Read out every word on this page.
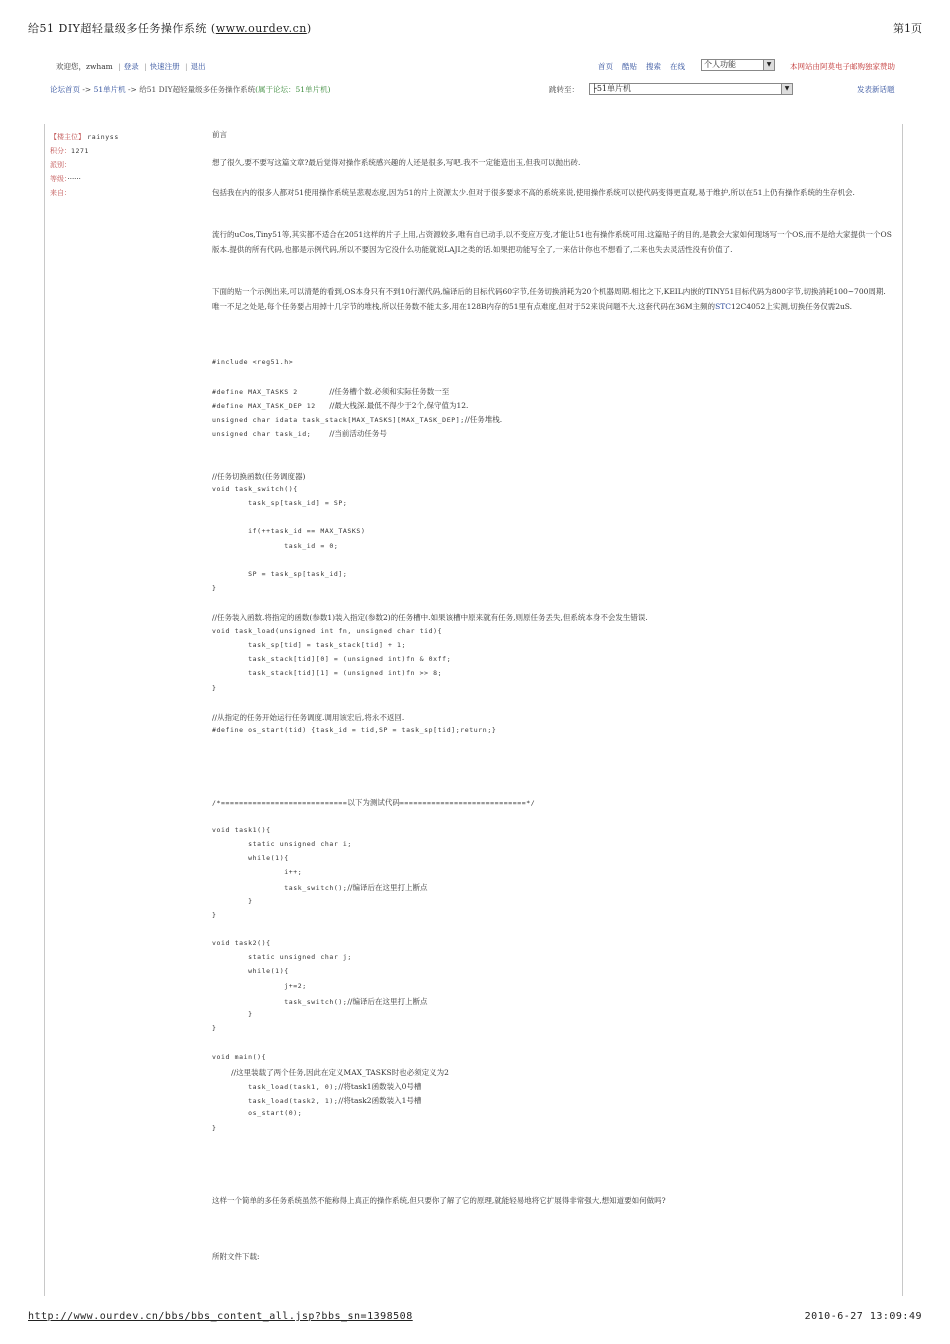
给51 DIY超轻量级多任务操作系统 (www.ourdev.cn)	第1页
欢迎您，zwham | 登录 | 快速注册 | 退出	首页 酷贴 搜索 在线	个人功能	▼	本网站由阿莫电子邮购独家赞助
论坛首页 -> 51单片机 -> 给51 DIY超轻量级多任务操作系统(属于论坛：51单片机)	跳转至：	├51单片机	▼	发表新话题
【楼主位】 rainyss
积分：1271
派别：
等级：······
来自：
前言
想了很久,要不要写这篇文章?最后觉得对操作系统感兴趣的人还是很多,写吧.我不一定能造出玉,但我可以抛出砖.
包括我在内的很多人都对51使用操作系统呈悲观态度,因为51的片上资源太少.但对于很多要求不高的系统来说,使用操作系统可以使代码变得更直观,易于维护,所以在51上仍有操作系统的生存机会.
流行的uCos,Tiny51等,其实都不适合在2051这样的片子上用,占资源较多,唯有自已动手,以不变应万变,才能让51也有操作系统可用.这篇贴子的目的,是教会大家如何现场写一个OS,而不是给大家提供一个OS版本.提供的所有代码,也都是示例代码,所以不要因为它没什么功能就说LAJI之类的话.如果把功能写全了,一来估计你也不想看了,二来也失去灵活性没有价值了.
下面的贴一个示例出来,可以清楚的看到,OS本身只有不到10行源代码,编译后的目标代码60字节,任务切换消耗为20个机器周期.相比之下,KEIL内嵌的TINY51目标代码为800字节,切换消耗100~700周期.唯一不足之处是,每个任务要占用掉十几字节的堆栈,所以任务数不能太多,用在128B内存的51里有点难度,但对于52来说问题不大.这套代码在36M主频的STC12C4052上实测,切换任务仅需2uS.
#include <reg51.h>
#define MAX_TASKS 2       //任务槽个数.必须和实际任务数一至
#define MAX_TASK_DEP 12   //最大栈深.最低不得少于2个,保守值为12.
unsigned char idata task_stack[MAX_TASKS][MAX_TASK_DEP];//任务堆栈.
unsigned char task_id;    //当前活动任务号
//任务切换函数(任务调度器)
void task_switch(){
task_sp[task_id] = SP;
if(++task_id == MAX_TASKS)
task_id = 0;
SP = task_sp[task_id];
}
//任务装入函数.将指定的函数(参数1)装入指定(参数2)的任务槽中.如果该槽中原来就有任务,则原任务丢失,但系统本身不会发生错误.
void task_load(unsigned int fn, unsigned char tid){
task_sp[tid] = task_stack[tid] + 1;
task_stack[tid][0] = (unsigned int)fn & 0xff;
task_stack[tid][1] = (unsigned int)fn >> 8;
}
//从指定的任务开始运行任务调度.调用该宏后,将永不返回.
#define os_start(tid) {task_id = tid,SP = task_sp[tid];return;}
/*============================以下为测试代码============================*/
void task1(){
static unsigned char i;
while(1){
i++;
task_switch();//编译后在这里打上断点
}
}
void task2(){
static unsigned char j;
while(1){
j+=2;
task_switch();//编译后在这里打上断点
}
}
void main(){
//这里装载了两个任务,因此在定义MAX_TASKS时也必须定义为2
task_load(task1, 0);//将task1函数装入0号槽
task_load(task2, 1);//将task2函数装入1号槽
os_start(0);
}
这样一个简单的多任务系统虽然不能称得上真正的操作系统,但只要你了解了它的原理,就能轻易地将它扩展得非常强大,想知道要如何做吗?
所附文件下载:
http://www.ourdev.cn/bbs/bbs_content_all.jsp?bbs_sn=1398508	2010-6-27 13:09:49
